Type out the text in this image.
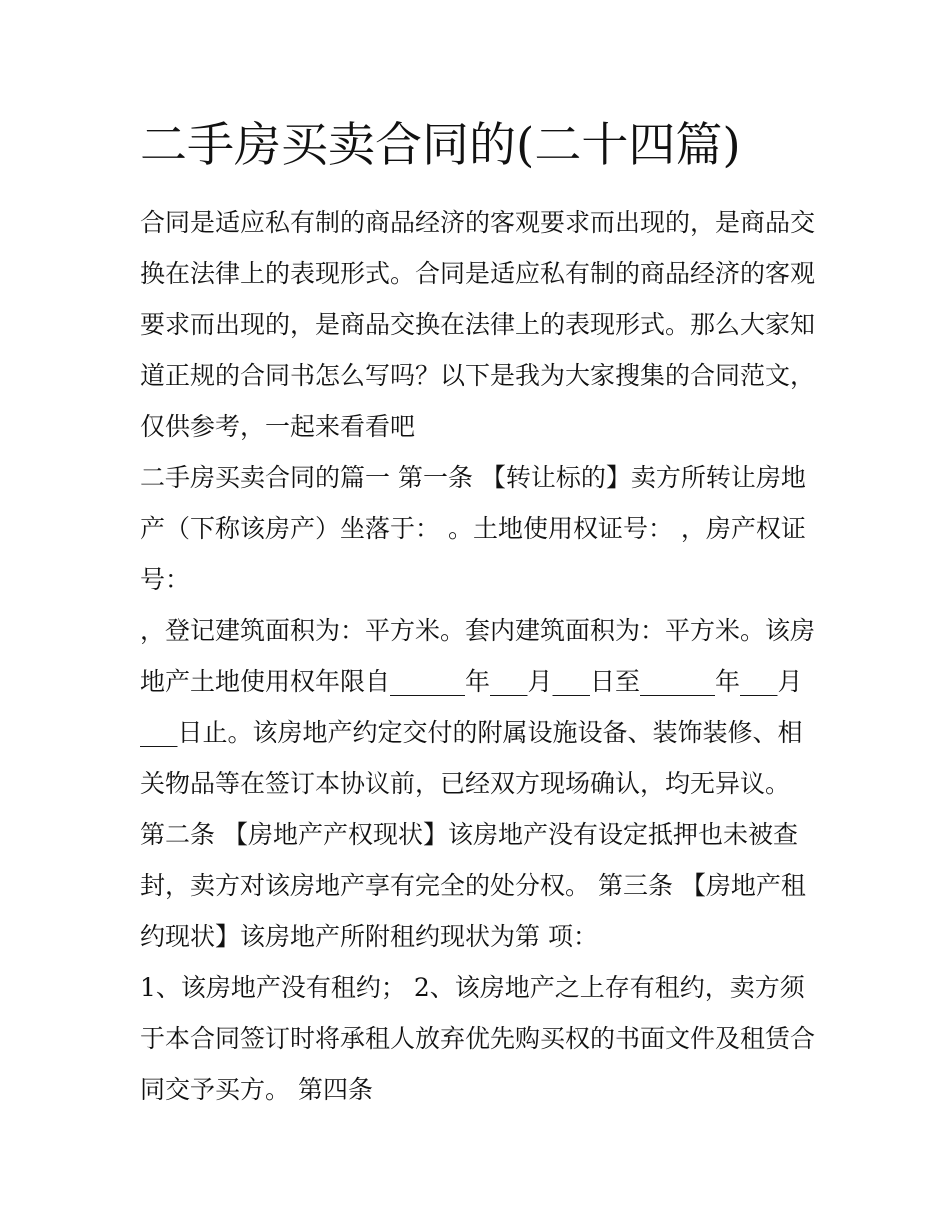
二手房买卖合同的(二十四篇)
合同是适应私有制的商品经济的客观要求而出现的，是商品交
换在法律上的表现形式。合同是适应私有制的商品经济的客观
要求而出现的，是商品交换在法律上的表现形式。那么大家知
道正规的合同书怎么写吗？以下是我为大家搜集的合同范文，
仅供参考，一起来看看吧
二手房买卖合同的篇一 第一条 【转让标的】卖方所转让房地
产（下称该房产）坐落于： 。土地使用权证号： ，房产权证
号：
，登记建筑面积为：平方米。套内建筑面积为：平方米。该房
地产土地使用权年限自______年___月___日至______年___月
___日止。该房地产约定交付的附属设施设备、装饰装修、相
关物品等在签订本协议前，已经双方现场确认，均无异议。
第二条 【房地产产权现状】该房地产没有设定抵押也未被查
封，卖方对该房地产享有完全的处分权。 第三条 【房地产租
约现状】该房地产所附租约现状为第 项：
1、该房地产没有租约； 2、该房地产之上存有租约，卖方须
于本合同签订时将承租人放弃优先购买权的书面文件及租赁合
同交予买方。 第四条
